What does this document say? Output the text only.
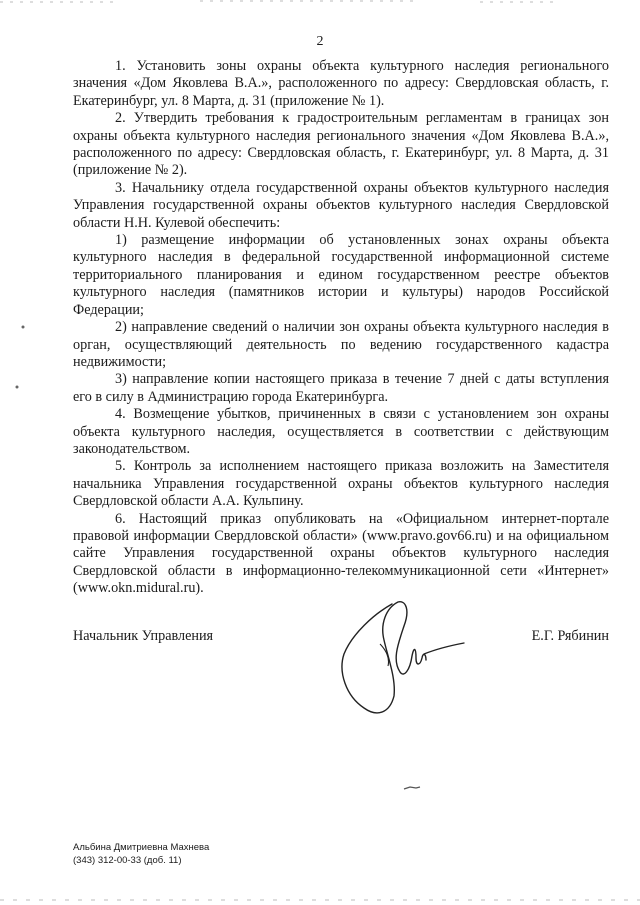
2

1. Установить зоны охраны объекта культурного наследия регионального значения «Дом Яковлева В.А.», расположенного по адресу: Свердловская область, г. Екатеринбург, ул. 8 Марта, д. 31 (приложение № 1).

2. Утвердить требования к градостроительным регламентам в границах зон охраны объекта культурного наследия регионального значения «Дом Яковлева В.А.», расположенного по адресу: Свердловская область, г. Екатеринбург, ул. 8 Марта, д. 31 (приложение № 2).

3. Начальнику отдела государственной охраны объектов культурного наследия Управления государственной охраны объектов культурного наследия Свердловской области Н.Н. Кулевой обеспечить:

1) размещение информации об установленных зонах охраны объекта культурного наследия в федеральной государственной информационной системе территориального планирования и едином государственном реестре объектов культурного наследия (памятников истории и культуры) народов Российской Федерации;

2) направление сведений о наличии зон охраны объекта культурного наследия в орган, осуществляющий деятельность по ведению государственного кадастра недвижимости;

3) направление копии настоящего приказа в течение 7 дней с даты вступления его в силу в Администрацию города Екатеринбурга.

4. Возмещение убытков, причиненных в связи с установлением зон охраны объекта культурного наследия, осуществляется в соответствии с действующим законодательством.

5. Контроль за исполнением настоящего приказа возложить на Заместителя начальника Управления государственной охраны объектов культурного наследия Свердловской области А.А. Кульпину.

6. Настоящий приказ опубликовать на «Официальном интернет-портале правовой информации Свердловской области» (www.pravo.gov66.ru) и на официальном сайте Управления государственной охраны объектов культурного наследия Свердловской области в информационно-телекоммуникационной сети «Интернет» (www.okn.midural.ru).

Начальник Управления	Е.Г. Рябинин
Альбина Дмитриевна Махнева
(343) 312-00-33 (доб. 11)
